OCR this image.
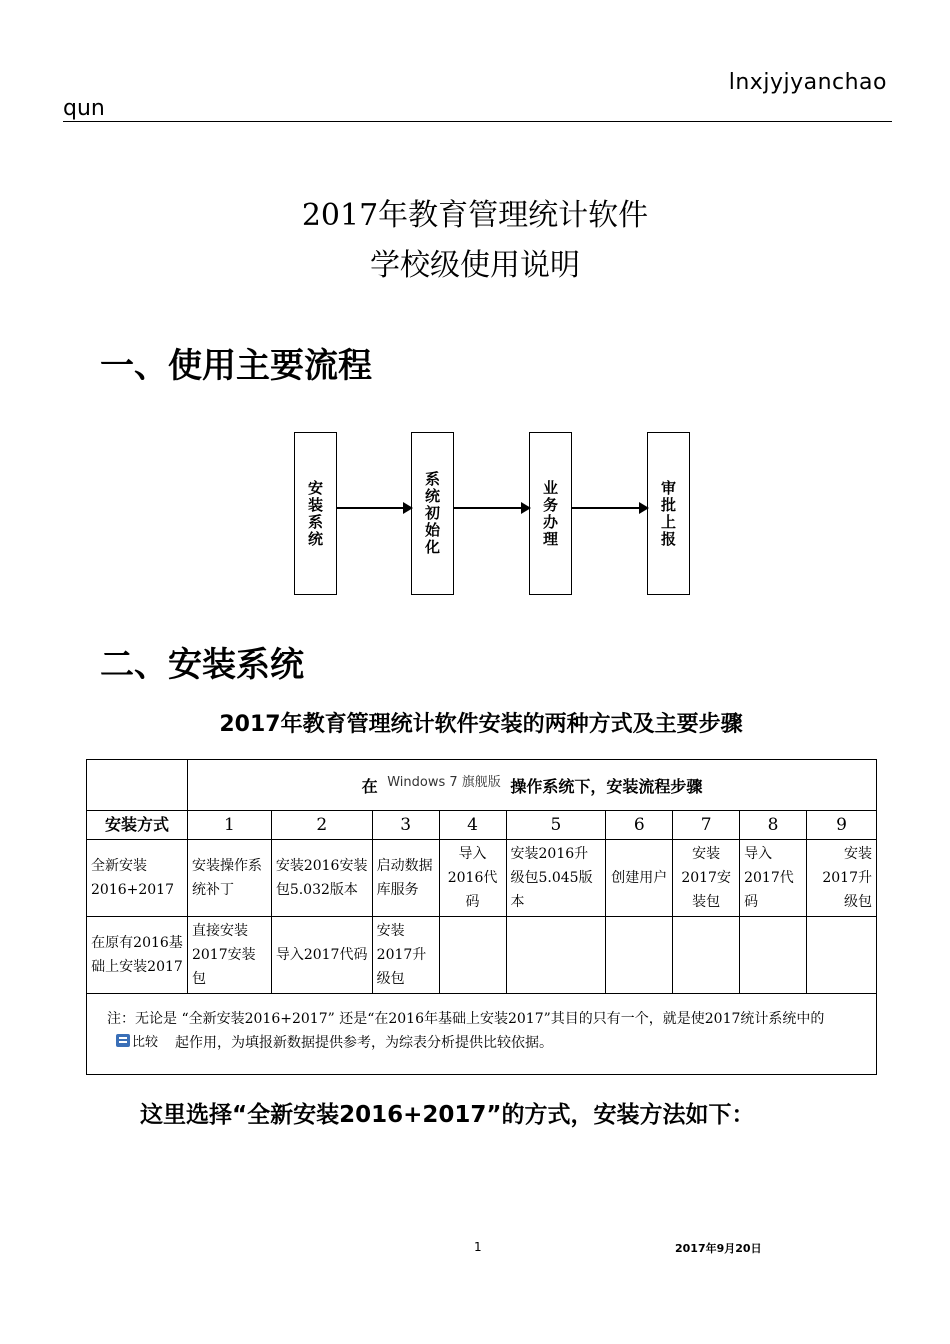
lnxjyjyanchao
qun
2017年教育管理统计软件
学校级使用说明
一、使用主要流程
安装系统	系统初始化	业务办理	审批上报
二、安装系统
2017年教育管理统计软件安装的两种方式及主要步骤
	在 Windows 7 旗舰版 操作系统下，安装流程步骤								
安装方式	1	2	3	4	5	6	7	8	9
全新安装2016+2017	安装操作系统补丁	安装2016安装包5.032版本	启动数据库服务	导入2016代码	安装2016升级包5.045版本	创建用户	安装2017安装包	导入2017代码	安装2017升级包
在原有2016基础上安装2017	直接安装2017安装包	导入2017代码	安装2017升级包						
注：无论是 “全新安装2016+2017” 还是“在2016年基础上安装2017”其目的只有一个，就是使2017统计系统中的
比较 起作用，为填报新数据提供参考，为综表分析提供比较依据。									
这里选择“全新安装2016+2017”的方式，安装方法如下：
1	2017年9月20日
